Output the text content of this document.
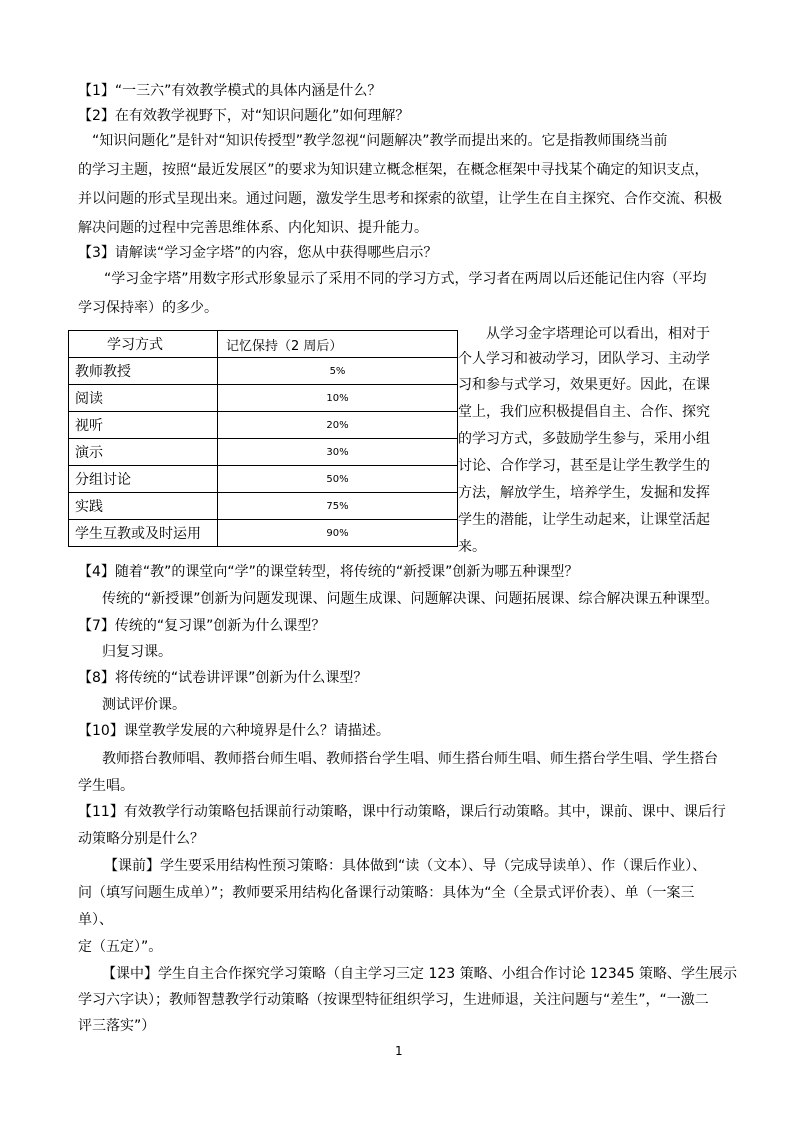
【1】“一三六”有效教学模式的具体内涵是什么？
【2】在有效教学视野下，对“知识问题化”如何理解？
“知识问题化”是针对“知识传授型”教学忽视“问题解决”教学而提出来的。它是指教师围绕当前
的学习主题，按照“最近发展区”的要求为知识建立概念框架，在概念框架中寻找某个确定的知识支点，
并以问题的形式呈现出来。通过问题，激发学生思考和探索的欲望，让学生在自主探究、合作交流、积极
解决问题的过程中完善思维体系、内化知识、提升能力。
【3】请解读“学习金字塔”的内容，您从中获得哪些启示？
“学习金字塔”用数字形式形象显示了采用不同的学习方式，学习者在两周以后还能记住内容（平均
学习保持率）的多少。
学习方式	记忆保持（2 周后）
教师教授	5%
阅读	10%
视听	20%
演示	30%
分组讨论	50%
实践	75%
学生互教或及时运用	90%
从学习金字塔理论可以看出，相对于
个人学习和被动学习，团队学习、主动学
习和参与式学习，效果更好。因此，在课
堂上，我们应积极提倡自主、合作、探究
的学习方式，多鼓励学生参与，采用小组
讨论、合作学习，甚至是让学生教学生的
方法，解放学生，培养学生，发掘和发挥
学生的潜能，让学生动起来，让课堂活起
来。
【4】随着“教”的课堂向“学”的课堂转型，将传统的“新授课”创新为哪五种课型？
传统的“新授课”创新为问题发现课、问题生成课、问题解决课、问题拓展课、综合解决课五种课型。
【7】传统的“复习课”创新为什么课型？
归复习课。
【8】将传统的“试卷讲评课”创新为什么课型？
测试评价课。
【10】课堂教学发展的六种境界是什么？请描述。
教师搭台教师唱、教师搭台师生唱、教师搭台学生唱、师生搭台师生唱、师生搭台学生唱、学生搭台
学生唱。
【11】有效教学行动策略包括课前行动策略，课中行动策略，课后行动策略。其中，课前、课中、课后行
动策略分别是什么？
【课前】学生要采用结构性预习策略：具体做到“读（文本）、导（完成导读单）、作（课后作业）、
问（填写问题生成单）”；教师要采用结构化备课行动策略：具体为“全（全景式评价表）、单（一案三
单）、
定（五定）”。
【课中】学生自主合作探究学习策略（自主学习三定 123 策略、小组合作讨论 12345 策略、学生展示
学习六字诀）；教师智慧教学行动策略（按课型特征组织学习，生进师退，关注问题与“差生”，“一激二
评三落实”）
1
